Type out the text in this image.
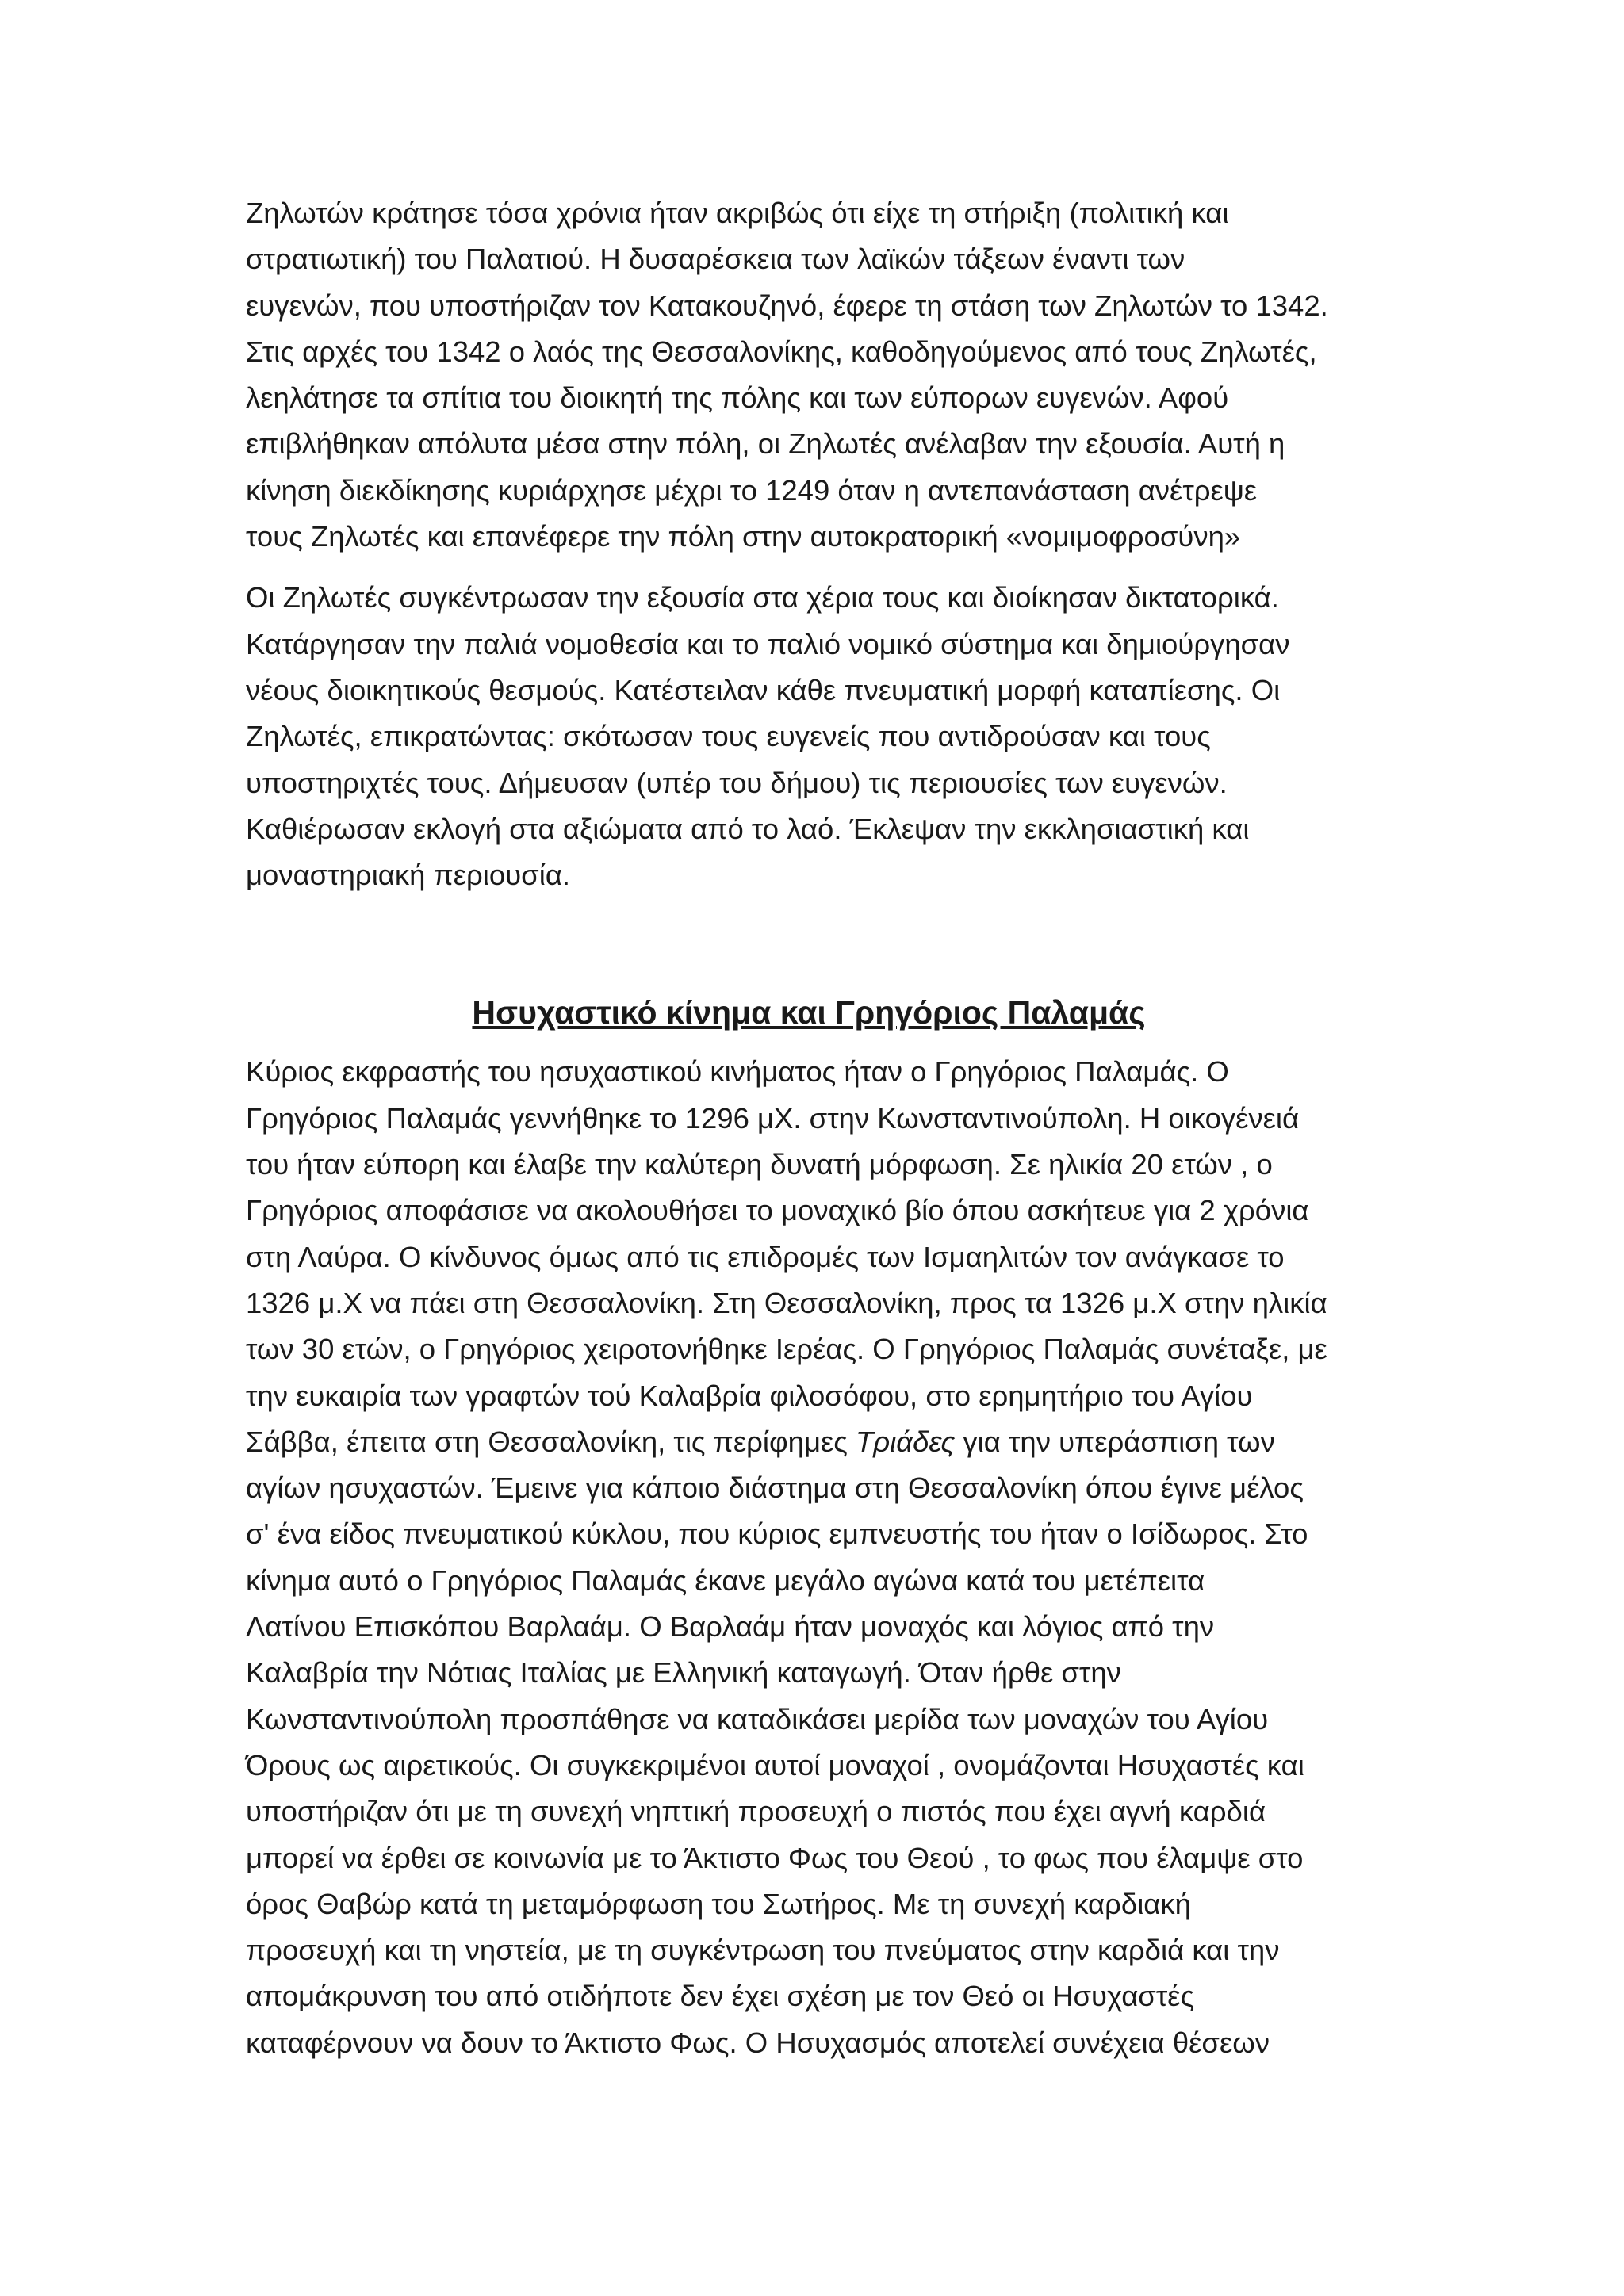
Ζηλωτών κράτησε τόσα χρόνια ήταν ακριβώς ότι είχε τη στήριξη (πολιτική και
στρατιωτική) του Παλατιού. Η δυσαρέσκεια των λαϊκών τάξεων έναντι των
ευγενών, που υποστήριζαν τον Κατακουζηνό, έφερε τη στάση των Ζηλωτών το 1342.
Στις αρχές του 1342 ο λαός της Θεσσαλονίκης, καθοδηγούμενος από τους Ζηλωτές,
λεηλάτησε τα σπίτια του διοικητή της πόλης και των εύπορων ευγενών. Αφού
επιβλήθηκαν απόλυτα μέσα στην πόλη, οι Ζηλωτές ανέλαβαν την εξουσία. Αυτή η
κίνηση διεκδίκησης κυριάρχησε μέχρι το 1249 όταν η αντεπανάσταση ανέτρεψε
τους Ζηλωτές και επανέφερε την πόλη στην αυτοκρατορική «νομιμοφροσύνη»

Οι Ζηλωτές συγκέντρωσαν την εξουσία στα χέρια τους και διοίκησαν δικτατορικά.
Κατάργησαν την παλιά νομοθεσία και το παλιό νομικό σύστημα και δημιούργησαν
νέους διοικητικούς θεσμούς. Κατέστειλαν κάθε πνευματική μορφή καταπίεσης. Οι
Ζηλωτές, επικρατώντας: σκότωσαν τους ευγενείς που αντιδρούσαν και τους
υποστηριχτές τους. Δήμευσαν (υπέρ του δήμου) τις περιουσίες των ευγενών.
Καθιέρωσαν εκλογή στα αξιώματα από το λαό. Έκλεψαν την εκκλησιαστική και
μοναστηριακή περιουσία.

Ησυχαστικό κίνημα και Γρηγόριος Παλαμάς

Κύριος εκφραστής του ησυχαστικού κινήματος ήταν ο Γρηγόριος Παλαμάς. Ο
Γρηγόριος Παλαμάς γεννήθηκε το 1296 μΧ. στην Κωνσταντινούπολη. Η οικογένειά
του ήταν εύπορη και έλαβε την καλύτερη δυνατή μόρφωση. Σε ηλικία 20 ετών , ο
Γρηγόριος αποφάσισε να ακολουθήσει το μοναχικό βίο όπου ασκήτευε για 2 χρόνια
στη Λαύρα. Ο κίνδυνος όμως από τις επιδρομές των Ισμαηλιτών τον ανάγκασε το
1326 μ.Χ να πάει στη Θεσσαλονίκη. Στη Θεσσαλονίκη, προς τα 1326 μ.Χ στην ηλικία
των 30 ετών, ο Γρηγόριος χειροτονήθηκε Ιερέας. Ο Γρηγόριος Παλαμάς συνέταξε, με
την ευκαιρία των γραφτών τού Καλαβρία φιλοσόφου, στο ερημητήριο του Αγίου
Σάββα, έπειτα στη Θεσσαλονίκη, τις περίφημες Τριάδες για την υπεράσπιση των
αγίων ησυχαστών. Έμεινε για κάποιο διάστημα στη Θεσσαλονίκη όπου έγινε μέλος
σ' ένα είδος πνευματικού κύκλου, που κύριος εμπνευστής του ήταν ο Ισίδωρος. Στο
κίνημα αυτό ο Γρηγόριος Παλαμάς έκανε μεγάλο αγώνα κατά του μετέπειτα
Λατίνου Επισκόπου Βαρλαάμ. Ο Βαρλαάμ ήταν μοναχός και λόγιος από την
Καλαβρία την Νότιας Ιταλίας με Ελληνική καταγωγή. Όταν ήρθε στην
Κωνσταντινούπολη προσπάθησε να καταδικάσει μερίδα των μοναχών του Αγίου
Όρους ως αιρετικούς. Οι συγκεκριμένοι αυτοί μοναχοί , ονομάζονται Ησυχαστές και
υποστήριζαν ότι με τη συνεχή νηπτική προσευχή ο πιστός που έχει αγνή καρδιά
μπορεί να έρθει σε κοινωνία με το Άκτιστο Φως του Θεού , το φως που έλαμψε στο
όρος Θαβώρ κατά τη μεταμόρφωση του Σωτήρος. Με τη συνεχή καρδιακή
προσευχή και τη νηστεία, με τη συγκέντρωση του πνεύματος στην καρδιά και την
απομάκρυνση του από οτιδήποτε δεν έχει σχέση με τον Θεό οι Ησυχαστές
καταφέρνουν να δουν το Άκτιστο Φως. Ο Ησυχασμός αποτελεί συνέχεια θέσεων
